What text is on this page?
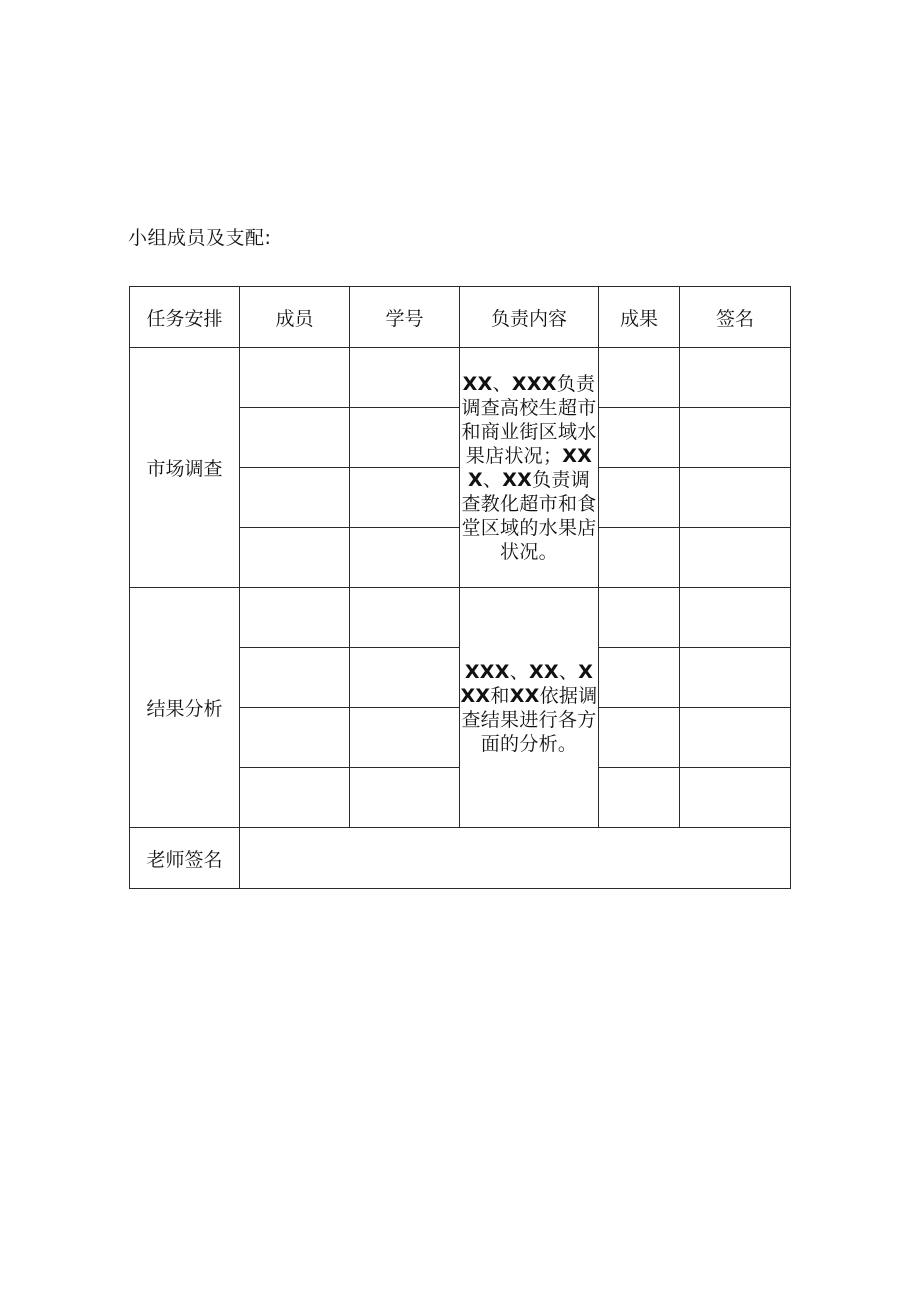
小组成员及支配:
任务安排	成员	学号	负责内容	成果	签名
市场调查			XX、XXX负责调查高校生超市和商业街区域水果店状况；XXX、XX负责调查教化超市和食堂区域的水果店状况。		

结果分析			XXX、XX、XXX和XX依据调查结果进行各方面的分析。		

老师签名					
